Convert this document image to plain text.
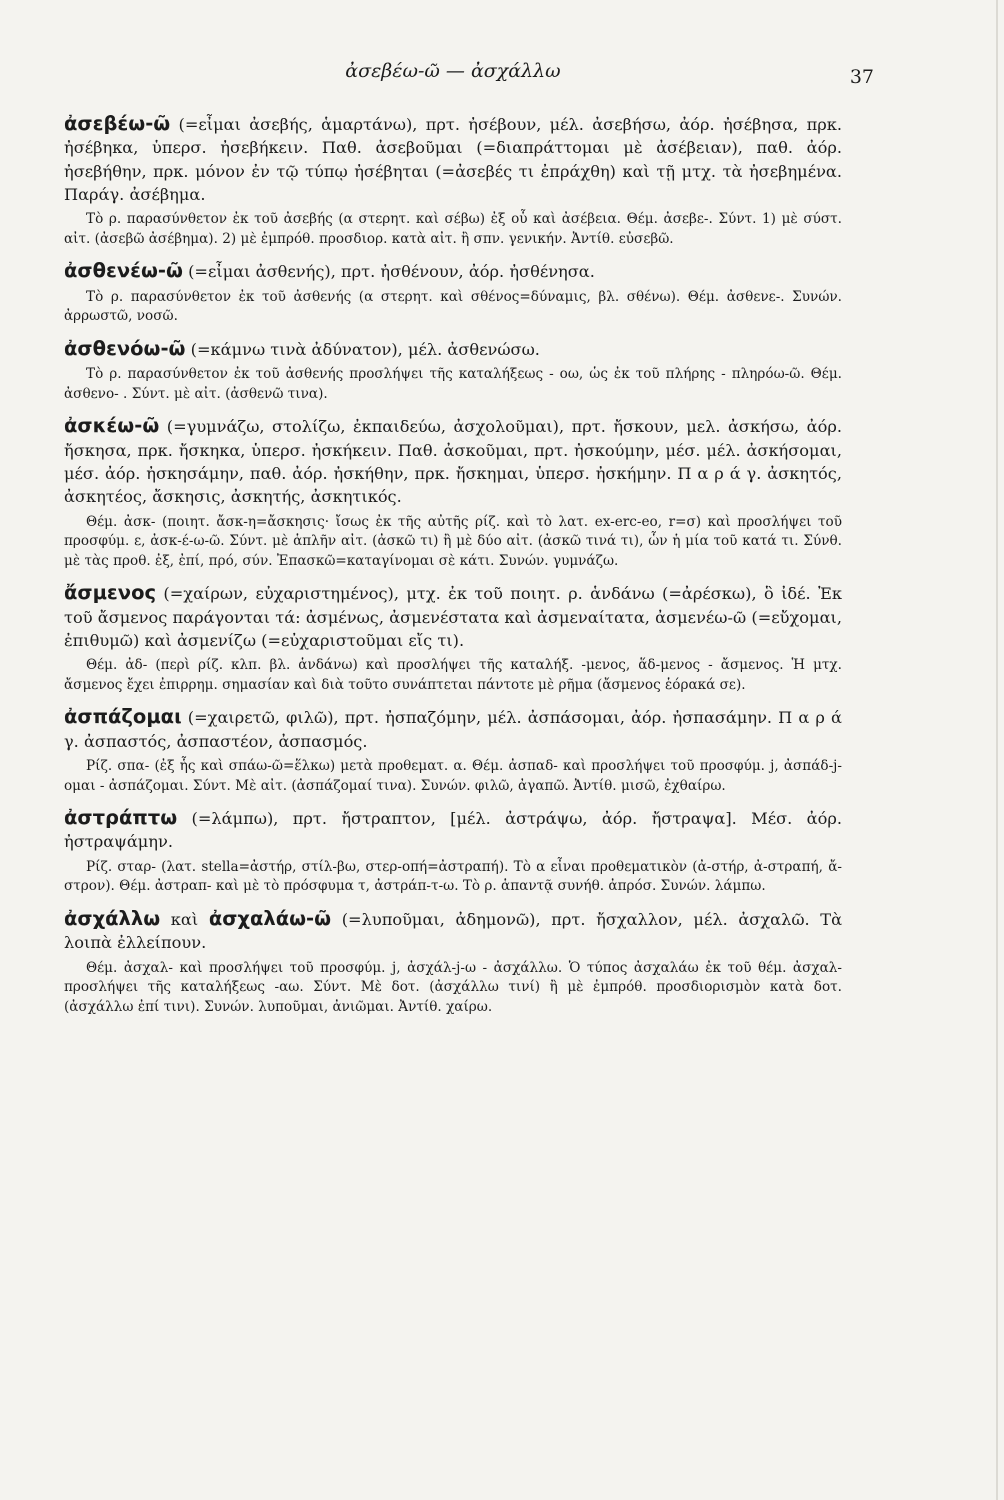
ἀσεβέω-ῶ — ἀσχάλλω	37

ἀσεβέω-ῶ (=εἶμαι ἀσεβής, ἁμαρτάνω), πρτ. ἠσέβουν, μέλ. ἀσεβήσω, ἀόρ. ἠσέβησα, πρκ. ἠσέβηκα, ὑπερσ. ἠσεβήκειν. Παθ. ἀσεβοῦμαι (=διαπράττομαι μὲ ἀσέβειαν), παθ. ἀόρ. ἠσεβήθην, πρκ. μόνον ἐν τῷ τύπῳ ἠσέβηται (=ἀσεβές τι ἐπράχθη) καὶ τῇ μτχ. τὰ ἠσεβημένα. Παράγ. ἀσέβημα.

Τὸ ρ. παρασύνθετον ἐκ τοῦ ἀσεβής (α στερητ. καὶ σέβω) ἐξ οὗ καὶ ἀσέβεια. Θέμ. ἀσεβε-. Σύντ. 1) μὲ σύστ. αἰτ. (ἀσεβῶ ἀσέβημα). 2) μὲ ἐμπρόθ. προσδιορ. κατὰ αἰτ. ἢ σπν. γενικήν. Ἀντίθ. εὐσεβῶ.

ἀσθενέω-ῶ (=εἶμαι ἀσθενής), πρτ. ἠσθένουν, ἀόρ. ἠσθένησα.

Τὸ ρ. παρασύνθετον ἐκ τοῦ ἀσθενής (α στερητ. καὶ σθένος=δύναμις, βλ. σθένω). Θέμ. ἀσθενε-. Συνών. ἀρρωστῶ, νοσῶ.

ἀσθενόω-ῶ (=κάμνω τινὰ ἀδύνατον), μέλ. ἀσθενώσω.

Τὸ ρ. παρασύνθετον ἐκ τοῦ ἀσθενής προσλήψει τῆς καταλήξεως - οω, ὡς ἐκ τοῦ πλήρης - πληρόω-ῶ. Θέμ. ἀσθενο- . Σύντ. μὲ αἰτ. (ἀσθενῶ τινα).

ἀσκέω-ῶ (=γυμνάζω, στολίζω, ἐκπαιδεύω, ἀσχολοῦμαι), πρτ. ἤσκουν, μελ. ἀσκήσω, ἀόρ. ἤσκησα, πρκ. ἤσκηκα, ὑπερσ. ἠσκήκειν. Παθ. ἀσκοῦμαι, πρτ. ἠσκούμην, μέσ. μέλ. ἀσκήσομαι, μέσ. ἀόρ. ἠσκησάμην, παθ. ἀόρ. ἠσκήθην, πρκ. ἤσκημαι, ὑπερσ. ἠσκήμην. Π α ρ ά γ. ἀσκητός, ἀσκητέος, ἄσκησις, ἀσκητής, ἀσκητικός.

Θέμ. ἀσκ- (ποιητ. ἄσκ-η=ἄσκησις· ἴσως ἐκ τῆς αὐτῆς ρίζ. καὶ τὸ λατ. ex-erc-eo, r=σ) καὶ προσλήψει τοῦ προσφύμ. ε, ἀσκ-έ-ω-ῶ. Σύντ. μὲ ἁπλῆν αἰτ. (ἀσκῶ τι) ἢ μὲ δύο αἰτ. (ἀσκῶ τινά τι), ὧν ἡ μία τοῦ κατά τι. Σύνθ. μὲ τὰς προθ. ἐξ, ἐπί, πρό, σύν. Ἐπασκῶ=καταγίνομαι σὲ κάτι. Συνών. γυμνάζω.

ἄσμενος (=χαίρων, εὐχαριστημένος), μτχ. ἐκ τοῦ ποιητ. ρ. ἁνδάνω (=ἀρέσκω), ὃ ἰδέ. Ἐκ τοῦ ἄσμενος παράγονται τά: ἀσμένως, ἀσμενέστατα καὶ ἀσμεναίτατα, ἀσμενέω-ῶ (=εὔχομαι, ἐπιθυμῶ) καὶ ἀσμενίζω (=εὐχαριστοῦμαι εἴς τι).

Θέμ. ἀδ- (περὶ ρίζ. κλπ. βλ. ἁνδάνω) καὶ προσλήψει τῆς καταλήξ. -μενος, ἅδ-μενος - ἄσμενος. Ἡ μτχ. ἄσμενος ἔχει ἐπιρρημ. σημασίαν καὶ διὰ τοῦτο συνάπτεται πάντοτε μὲ ρῆμα (ἄσμενος ἑόρακά σε).

ἀσπάζομαι (=χαιρετῶ, φιλῶ), πρτ. ἠσπαζόμην, μέλ. ἀσπάσομαι, ἀόρ. ἠσπασάμην. Π α ρ ά γ. ἀσπαστός, ἀσπαστέον, ἀσπασμός.

Ρίζ. σπα- (ἐξ ἧς καὶ σπάω-ῶ=ἕλκω) μετὰ προθεματ. α. Θέμ. ἀσπαδ- καὶ προσλήψει τοῦ προσφύμ. j, ἀσπάδ-j-ομαι - ἀσπάζομαι. Σύντ. Μὲ αἰτ. (ἀσπάζομαί τινα). Συνών. φιλῶ, ἀγαπῶ. Ἀντίθ. μισῶ, ἐχθαίρω.

ἀστράπτω (=λάμπω), πρτ. ἤστραπτον, [μέλ. ἀστράψω, ἀόρ. ἤστραψα]. Μέσ. ἀόρ. ἠστραψάμην.

Ρίζ. σταρ- (λατ. stella=ἀστήρ, στίλ-βω, στερ-οπή=ἀστραπή). Τὸ α εἶναι προθεματικὸν (ἀ-στήρ, ἀ-στραπή, ἄ-στρον). Θέμ. ἀστραπ- καὶ μὲ τὸ πρόσφυμα τ, ἀστράπ-τ-ω. Τὸ ρ. ἁπαντᾷ συνήθ. ἀπρόσ. Συνών. λάμπω.

ἀσχάλλω καὶ ἀσχαλάω-ῶ (=λυποῦμαι, ἀδημονῶ), πρτ. ἤσχαλλον, μέλ. ἀσχαλῶ. Τὰ λοιπὰ ἐλλείπουν.

Θέμ. ἀσχαλ- καὶ προσλήψει τοῦ προσφύμ. j, ἀσχάλ-j-ω - ἀσχάλλω. Ὁ τύπος ἀσχαλάω ἐκ τοῦ θέμ. ἀσχαλ- προσλήψει τῆς καταλήξεως -αω. Σύντ. Μὲ δοτ. (ἀσχάλλω τινί) ἢ μὲ ἐμπρόθ. προσδιορισμὸν κατὰ δοτ. (ἀσχάλλω ἐπί τινι). Συνών. λυποῦμαι, ἀνιῶμαι. Ἀντίθ. χαίρω.
